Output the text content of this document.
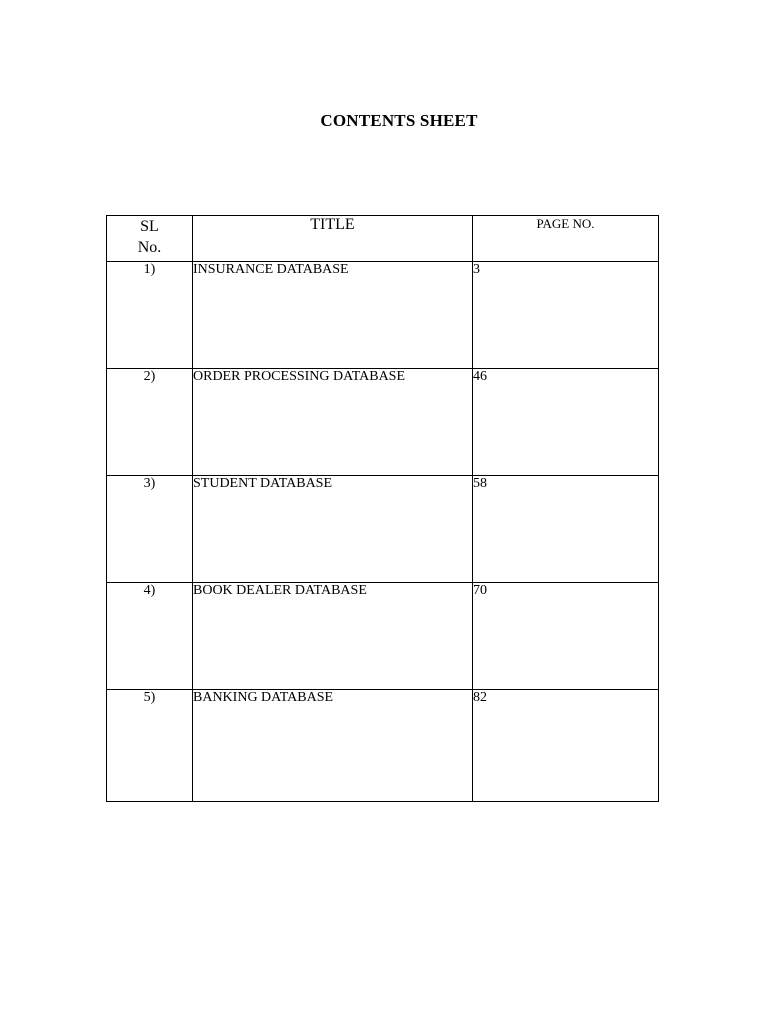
CONTENTS SHEET
SL
No.	TITLE	PAGE NO.
1)	INSURANCE DATABASE	3
2)	ORDER PROCESSING DATABASE	46
3)	STUDENT DATABASE	58
4)	BOOK DEALER DATABASE	70
5)	BANKING DATABASE	82
